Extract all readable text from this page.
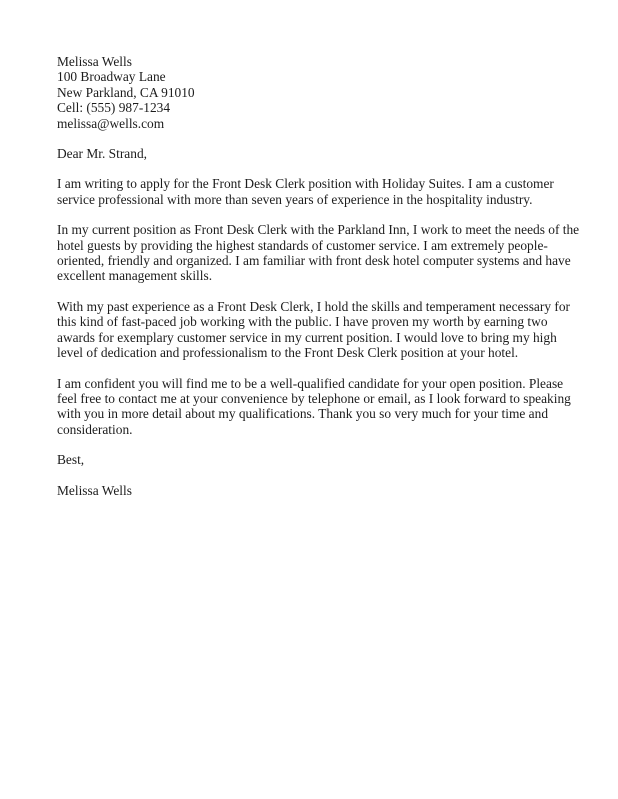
Melissa Wells
100 Broadway Lane
New Parkland, CA 91010
Cell: (555) 987-1234
melissa@wells.com

Dear Mr. Strand,

I am writing to apply for the Front Desk Clerk position with Holiday Suites. I am a customer service professional with more than seven years of experience in the hospitality industry.

In my current position as Front Desk Clerk with the Parkland Inn, I work to meet the needs of the hotel guests by providing the highest standards of customer service. I am extremely people-oriented, friendly and organized. I am familiar with front desk hotel computer systems and have excellent management skills.

With my past experience as a Front Desk Clerk, I hold the skills and temperament necessary for this kind of fast-paced job working with the public. I have proven my worth by earning two awards for exemplary customer service in my current position. I would love to bring my high level of dedication and professionalism to the Front Desk Clerk position at your hotel.

I am confident you will find me to be a well-qualified candidate for your open position. Please feel free to contact me at your convenience by telephone or email, as I look forward to speaking with you in more detail about my qualifications. Thank you so very much for your time and consideration.

Best,

Melissa Wells
